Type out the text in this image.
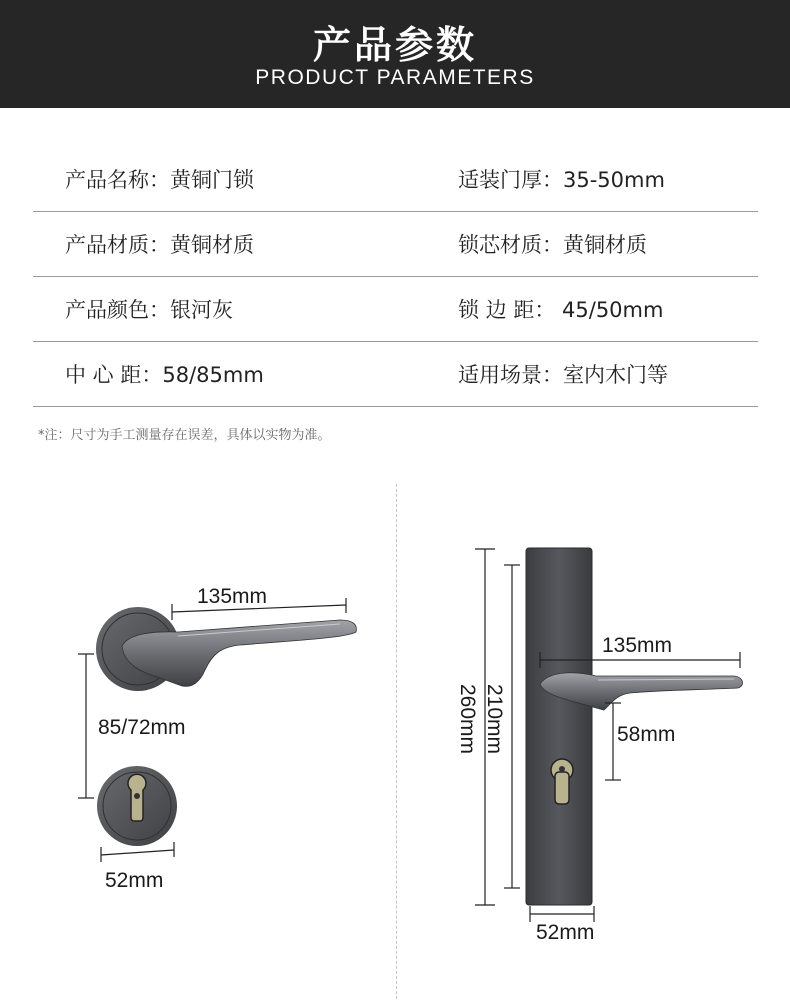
产品参数
PRODUCT PARAMETERS
产品名称：黄铜门锁	适装门厚：35-50mm
产品材质：黄铜材质	锁芯材质：黄铜材质
产品颜色：银河灰	锁 边 距： 45/50mm
中 心 距：58/85mm	适用场景：室内木门等
*注：尺寸为手工测量存在误差，具体以实物为准。
135mm
85/72mm
52mm
135mm
58mm
52mm
260mm 210mm
